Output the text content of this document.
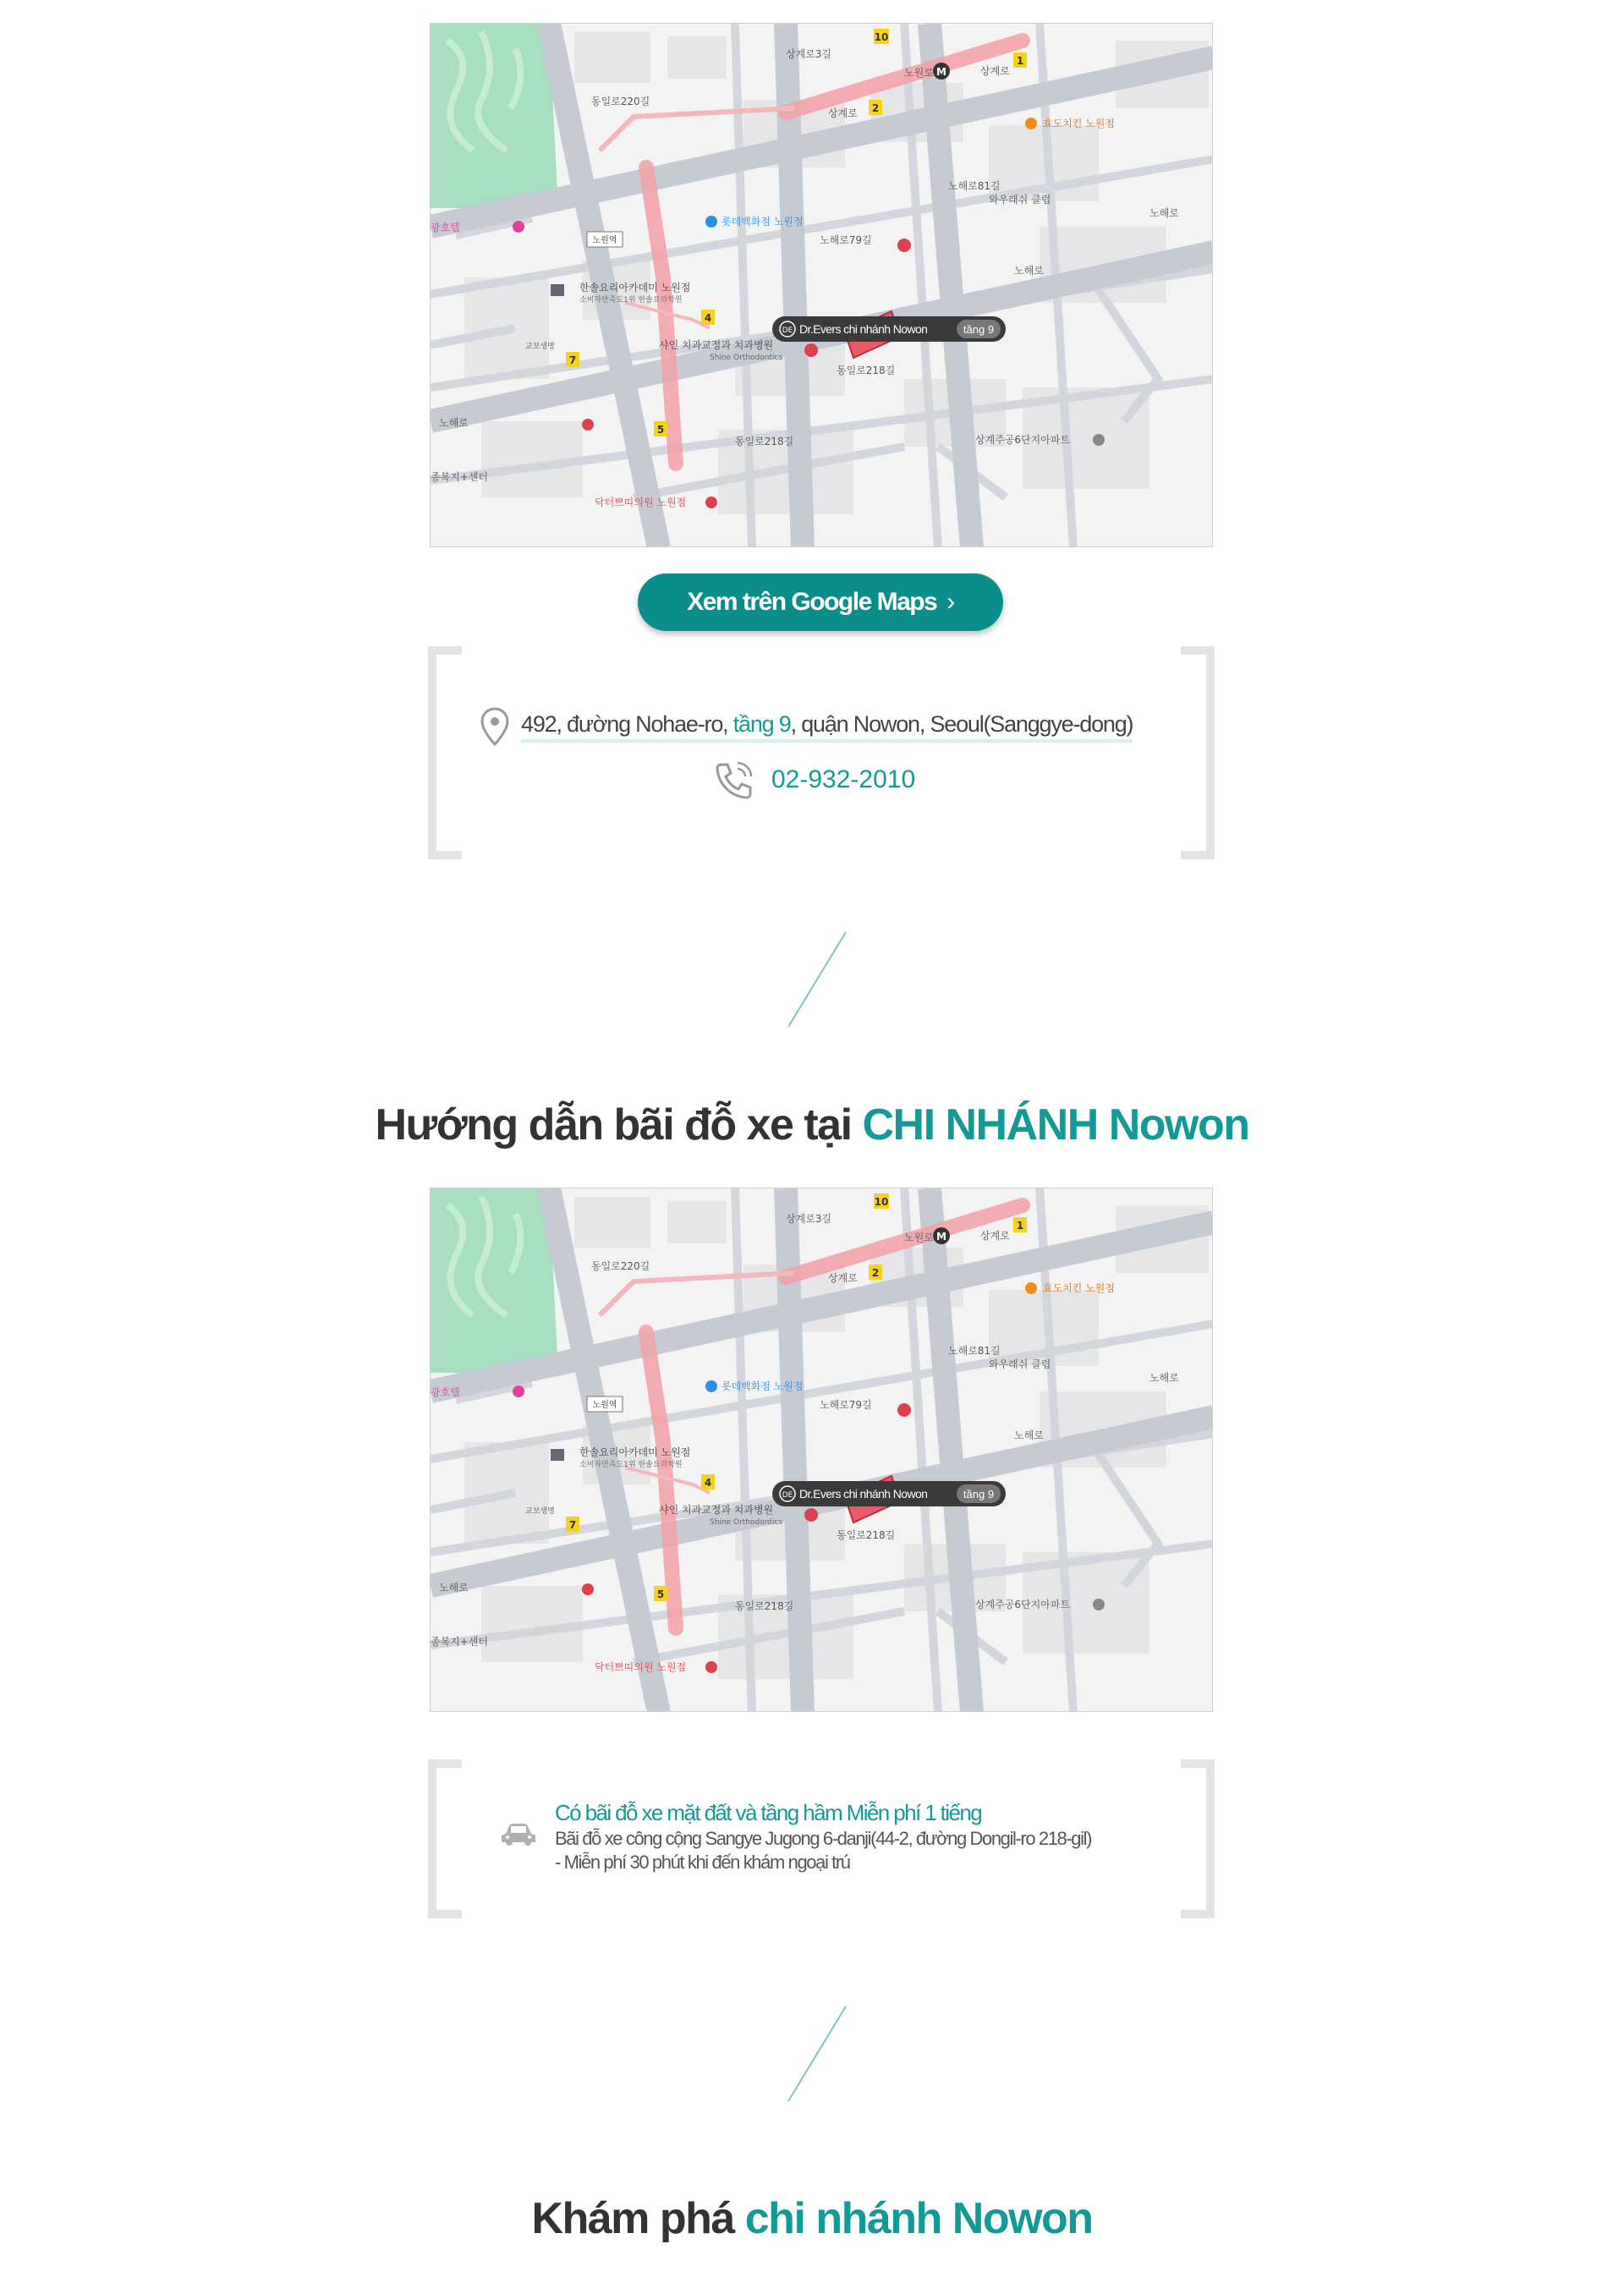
노원역
10
1
2
4
5
7
M
상계로
상계로
노원로
동일로220길
동일로218길
동일로218길
노해로81길
노해로79길
노해로
노해로
노해로
상계로3길
광호텔	롯데백화점 노원점
한솔요리아카데미 노원점
소비자만족도1위 한솔요리학원
샤인 치과교정과 치과병원
Shine Orthodontics
효도치킨 노원점
상계주공6단지아파트
닥터쁘띠의원 노원점
종복지+센터
와우래쉬 클럽
교보생명
DE Dr.Evers chi nhánh Nowon	tầng 9
Xem trên Google Maps ›
492, đường Nohae-ro, tầng 9, quận Nowon, Seoul(Sanggye-dong)
02-932-2010
Hướng dẫn bãi đỗ xe tại CHI NHÁNH Nowon
노원역
10
1
2
4
5
7
M
상계로
상계로
노원로
동일로220길
동일로218길
동일로218길
노해로81길
노해로79길
노해로
노해로
노해로
상계로3길
광호텔	롯데백화점 노원점
한솔요리아카데미 노원점
소비자만족도1위 한솔요리학원
샤인 치과교정과 치과병원
Shine Orthodontics
효도치킨 노원점
상계주공6단지아파트
닥터쁘띠의원 노원점
종복지+센터
와우래쉬 클럽
교보생명
DE Dr.Evers chi nhánh Nowon	tầng 9
Có bãi đỗ xe mặt đất và tầng hầm Miễn phí 1 tiếng
Bãi đỗ xe công cộng Sangye Jugong 6-danji(44-2, đường Dongil-ro 218-gil)
- Miễn phí 30 phút khi đến khám ngoại trú
Khám phá chi nhánh Nowon
